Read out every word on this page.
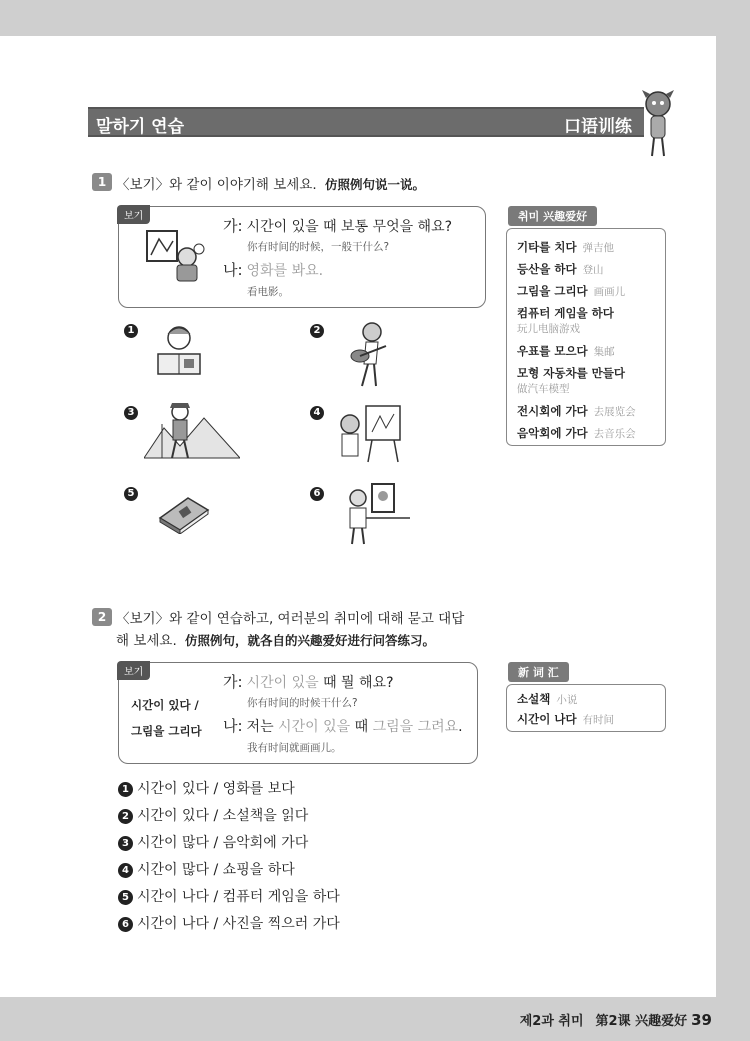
말하기 연습	口语训练
1 〈보기〉와 같이 이야기해 보세요. 仿照例句说一说。
보기
가: 시간이 있을 때 보통 무엇을 해요?
你有时间的时候，一般干什么?
나: 영화를 봐요.
看电影。
1	2
3	4
5	6
취미 兴趣爱好
기타를 치다 弹吉他
등산을 하다 登山
그림을 그리다 画画儿
컴퓨터 게임을 하다
玩儿电脑游戏
우표를 모으다 集邮
모형 자동차를 만들다
做汽车模型
전시회에 가다 去展览会
음악회에 가다 去音乐会
2 〈보기〉와 같이 연습하고, 여러분의 취미에 대해 묻고 대답
해 보세요. 仿照例句，就各自的兴趣爱好进行问答练习。
보기
시간이 있다 /
그림을 그리다
가: 시간이 있을 때 뭘 해요?
你有时间的时候干什么?
나: 저는 시간이 있을 때 그림을 그려요.
我有时间就画画儿。
新 词 汇
소설책 小说
시간이 나다 有时间
1 시간이 있다 / 영화를 보다
2 시간이 있다 / 소설책을 읽다
3 시간이 많다 / 음악회에 가다
4 시간이 많다 / 쇼핑을 하다
5 시간이 나다 / 컴퓨터 게임을 하다
6 시간이 나다 / 사진을 찍으러 가다
제2과 취미 第2课 兴趣爱好 39
